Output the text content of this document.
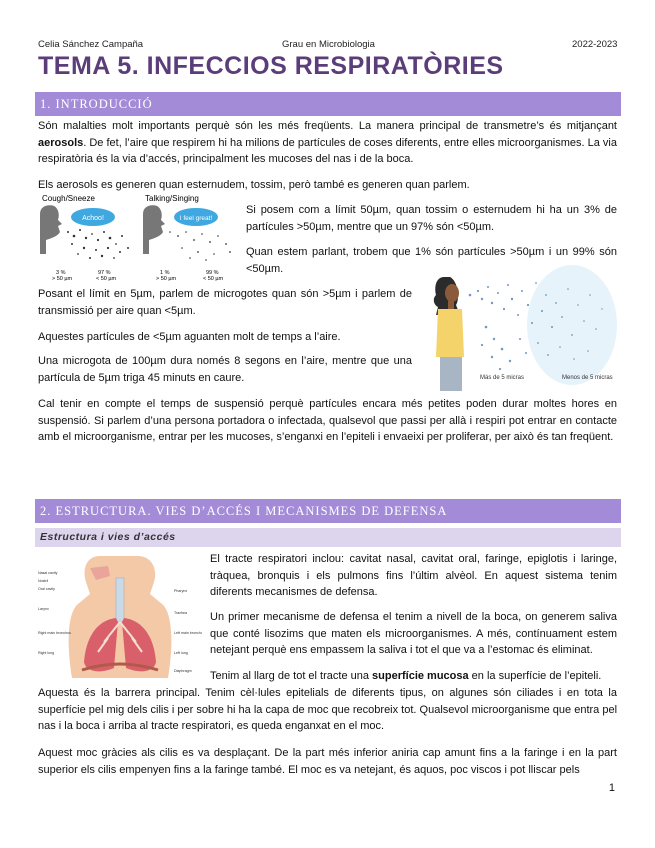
Celia Sánchez Campaña	Grau en Microbiologia	2022-2023
TEMA 5. INFECCIOS RESPIRATÒRIES
1. INTRODUCCIÓ

Són malalties molt importants perquè són les més freqüents. La manera principal de transmetre’s és mitjançant aerosols. De fet, l’aire que respirem hi ha milions de partícules de coses diferents, entre elles microorganismes. La via respiratòria és la via d’accés, principalment les mucoses del nas i de la boca.

Els aerosols es generen quan esternudem, tossim, però també es generen quan parlem.

Cough/Sneeze	Talking/Singing
Achoo!
3 %
> 50 µm
97 %
< 50 µm
I feel great!
1 %
> 50 µm
99 %
< 50 µm

Si posem com a límit 50µm, quan tossim o esternudem hi ha un 3% de partícules >50µm, mentre que un 97% són <50µm.

Quan estem parlant, trobem que 1% són partícules >50µm i un 99% són <50µm.

Más de 5 micras	Menos de 5 micras

Posant el límit en 5µm, parlem de microgotes quan són >5µm i parlem de transmissió per aire quan <5µm.

Aquestes partícules de <5µm aguanten molt de temps a l’aire.

Una microgota de 100µm dura només 8 segons en l’aire, mentre que una partícula de 5µm triga 45 minuts en caure.

Cal tenir en compte el temps de suspensió perquè partícules encara més petites poden durar moltes hores en suspensió. Si parlem d’una persona portadora o infectada, qualsevol que passi per allà i respiri pot entrar en contacte amb el microorganisme, entrar per les mucoses, s’enganxi en l’epiteli i envaeixi per proliferar, per això és tan freqüent.

2. ESTRUCTURA. VIES D’ACCÉS I MECANISMES DE DEFENSA
Estructura i vies d’accés
Nasal cavity
Nostril
Oral cavity
Larynx
Right main bronchus
Right lung
Pharynx
Trachea
Left main bronchus
Left lung
Diaphragm

El tracte respiratori inclou: cavitat nasal, cavitat oral, faringe, epiglotis i laringe, tràquea, bronquis i els pulmons fins l’últim alvèol. En aquest sistema tenim diferents mecanismes de defensa.

Un primer mecanisme de defensa el tenim a nivell de la boca, on generem saliva que conté lisozims que maten els microorganismes. A més, contínuament estem netejant perquè ens empassem la saliva i tot el que va a l’estomac és eliminat.

Tenim al llarg de tot el tracte una superfície mucosa en la superfície de l’epiteli.

Aquesta és la barrera principal. Tenim cèl·lules epitelials de diferents tipus, on algunes són ciliades i en tota la superfície pel mig dels cilis i per sobre hi ha la capa de moc que recobreix tot. Qualsevol microorganisme que entra pel nas i la boca i arriba al tracte respiratori, es queda enganxat en el moc.

Aquest moc gràcies als cilis es va desplaçant. De la part més inferior aniria cap amunt fins a la faringe i en la part superior els cilis empenyen fins a la faringe també. El moc es va netejant, és aquos, poc viscos i pot lliscar pels

1
